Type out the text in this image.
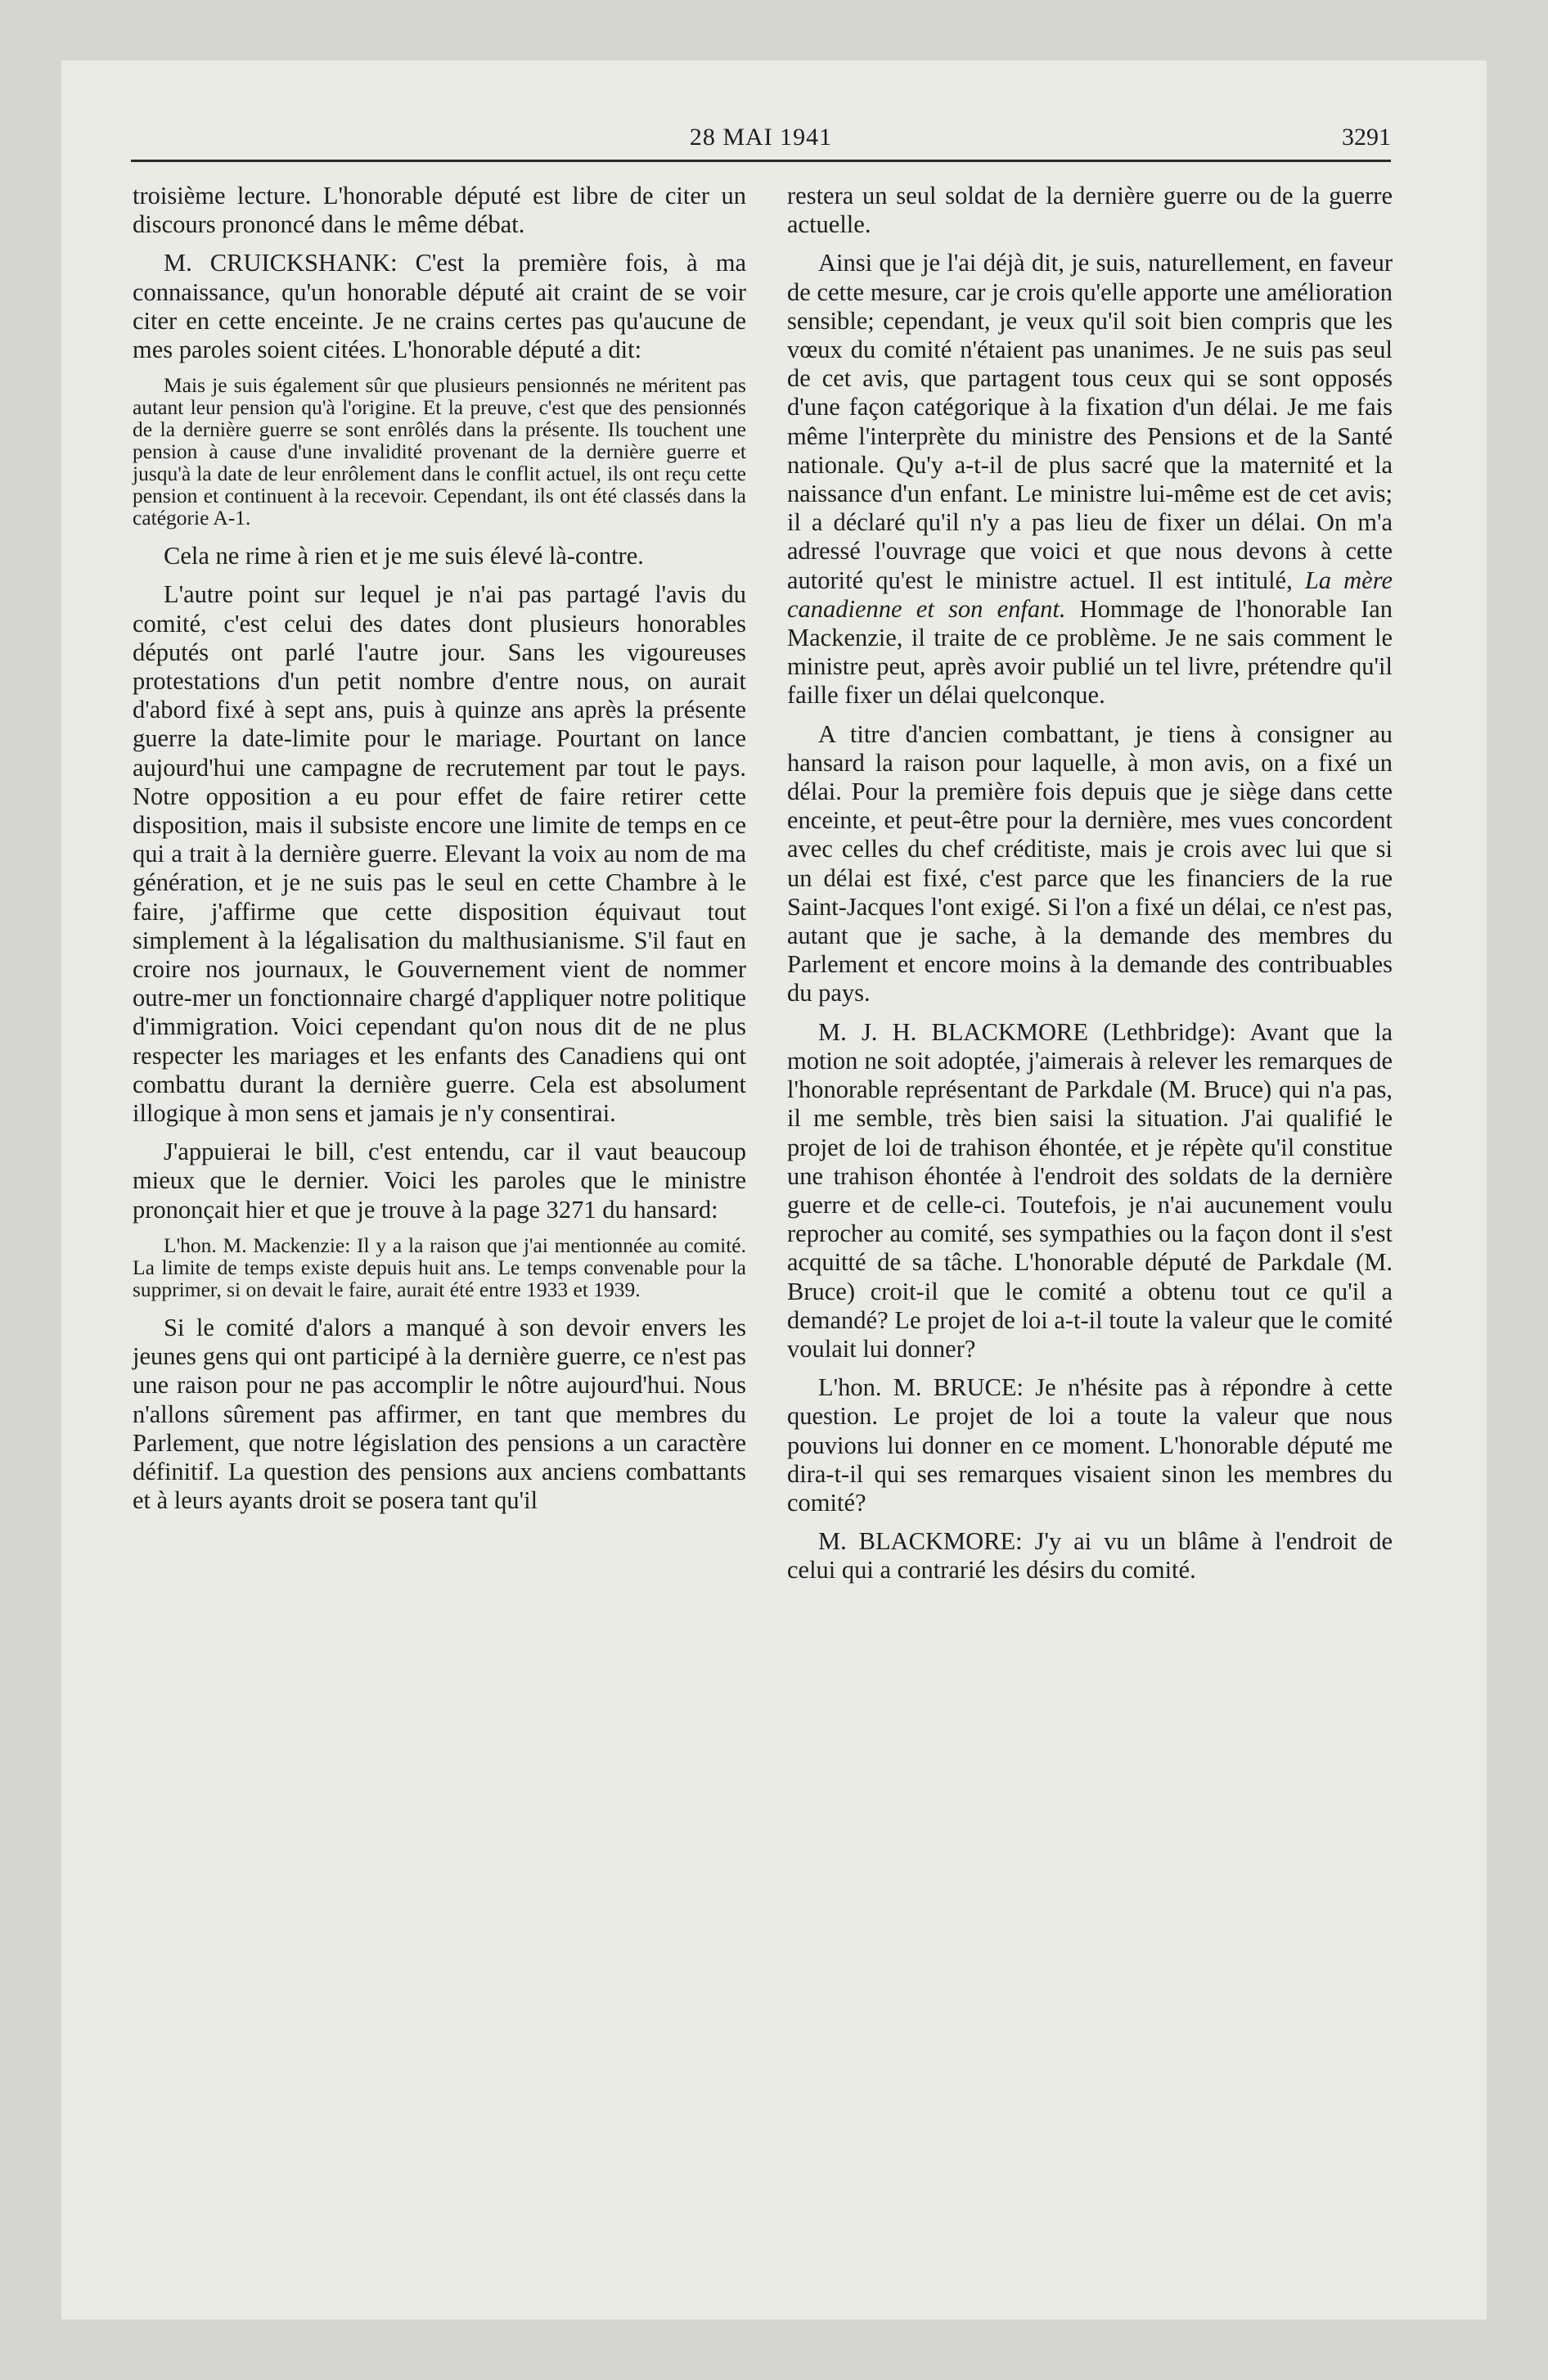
28 MAI 1941	3291

troisième lecture. L'honorable député est libre de citer un discours prononcé dans le même débat.

M. CRUICKSHANK: C'est la première fois, à ma connaissance, qu'un honorable député ait craint de se voir citer en cette enceinte. Je ne crains certes pas qu'aucune de mes paroles soient citées. L'honorable député a dit:

Mais je suis également sûr que plusieurs pensionnés ne méritent pas autant leur pension qu'à l'origine. Et la preuve, c'est que des pensionnés de la dernière guerre se sont enrôlés dans la présente. Ils touchent une pension à cause d'une invalidité provenant de la dernière guerre et jusqu'à la date de leur enrôlement dans le conflit actuel, ils ont reçu cette pension et continuent à la recevoir. Cependant, ils ont été classés dans la catégorie A-1.

Cela ne rime à rien et je me suis élevé là-contre.

L'autre point sur lequel je n'ai pas partagé l'avis du comité, c'est celui des dates dont plusieurs honorables députés ont parlé l'autre jour. Sans les vigoureuses protestations d'un petit nombre d'entre nous, on aurait d'abord fixé à sept ans, puis à quinze ans après la présente guerre la date-limite pour le mariage. Pourtant on lance aujourd'hui une campagne de recrutement par tout le pays. Notre opposition a eu pour effet de faire retirer cette disposition, mais il subsiste encore une limite de temps en ce qui a trait à la dernière guerre. Elevant la voix au nom de ma génération, et je ne suis pas le seul en cette Chambre à le faire, j'affirme que cette disposition équivaut tout simplement à la légalisation du malthusianisme. S'il faut en croire nos journaux, le Gouvernement vient de nommer outre-mer un fonctionnaire chargé d'appliquer notre politique d'immigration. Voici cependant qu'on nous dit de ne plus respecter les mariages et les enfants des Canadiens qui ont combattu durant la dernière guerre. Cela est absolument illogique à mon sens et jamais je n'y consentirai.

J'appuierai le bill, c'est entendu, car il vaut beaucoup mieux que le dernier. Voici les paroles que le ministre prononçait hier et que je trouve à la page 3271 du hansard:

L'hon. M. Mackenzie: Il y a la raison que j'ai mentionnée au comité. La limite de temps existe depuis huit ans. Le temps convenable pour la supprimer, si on devait le faire, aurait été entre 1933 et 1939.

Si le comité d'alors a manqué à son devoir envers les jeunes gens qui ont participé à la dernière guerre, ce n'est pas une raison pour ne pas accomplir le nôtre aujourd'hui. Nous n'allons sûrement pas affirmer, en tant que membres du Parlement, que notre législation des pensions a un caractère définitif. La question des pensions aux anciens combattants et à leurs ayants droit se posera tant qu'il

restera un seul soldat de la dernière guerre ou de la guerre actuelle.

Ainsi que je l'ai déjà dit, je suis, naturellement, en faveur de cette mesure, car je crois qu'elle apporte une amélioration sensible; cependant, je veux qu'il soit bien compris que les vœux du comité n'étaient pas unanimes. Je ne suis pas seul de cet avis, que partagent tous ceux qui se sont opposés d'une façon catégorique à la fixation d'un délai. Je me fais même l'interprète du ministre des Pensions et de la Santé nationale. Qu'y a-t-il de plus sacré que la maternité et la naissance d'un enfant. Le ministre lui-même est de cet avis; il a déclaré qu'il n'y a pas lieu de fixer un délai. On m'a adressé l'ouvrage que voici et que nous devons à cette autorité qu'est le ministre actuel. Il est intitulé, La mère canadienne et son enfant. Hommage de l'honorable Ian Mackenzie, il traite de ce problème. Je ne sais comment le ministre peut, après avoir publié un tel livre, prétendre qu'il faille fixer un délai quelconque.

A titre d'ancien combattant, je tiens à consigner au hansard la raison pour laquelle, à mon avis, on a fixé un délai. Pour la première fois depuis que je siège dans cette enceinte, et peut-être pour la dernière, mes vues concordent avec celles du chef créditiste, mais je crois avec lui que si un délai est fixé, c'est parce que les financiers de la rue Saint-Jacques l'ont exigé. Si l'on a fixé un délai, ce n'est pas, autant que je sache, à la demande des membres du Parlement et encore moins à la demande des contribuables du pays.

M. J. H. BLACKMORE (Lethbridge): Avant que la motion ne soit adoptée, j'aimerais à relever les remarques de l'honorable représentant de Parkdale (M. Bruce) qui n'a pas, il me semble, très bien saisi la situation. J'ai qualifié le projet de loi de trahison éhontée, et je répète qu'il constitue une trahison éhontée à l'endroit des soldats de la dernière guerre et de celle-ci. Toutefois, je n'ai aucunement voulu reprocher au comité, ses sympathies ou la façon dont il s'est acquitté de sa tâche. L'honorable député de Parkdale (M. Bruce) croit-il que le comité a obtenu tout ce qu'il a demandé? Le projet de loi a-t-il toute la valeur que le comité voulait lui donner?

L'hon. M. BRUCE: Je n'hésite pas à répondre à cette question. Le projet de loi a toute la valeur que nous pouvions lui donner en ce moment. L'honorable député me dira-t-il qui ses remarques visaient sinon les membres du comité?

M. BLACKMORE: J'y ai vu un blâme à l'endroit de celui qui a contrarié les désirs du comité.
